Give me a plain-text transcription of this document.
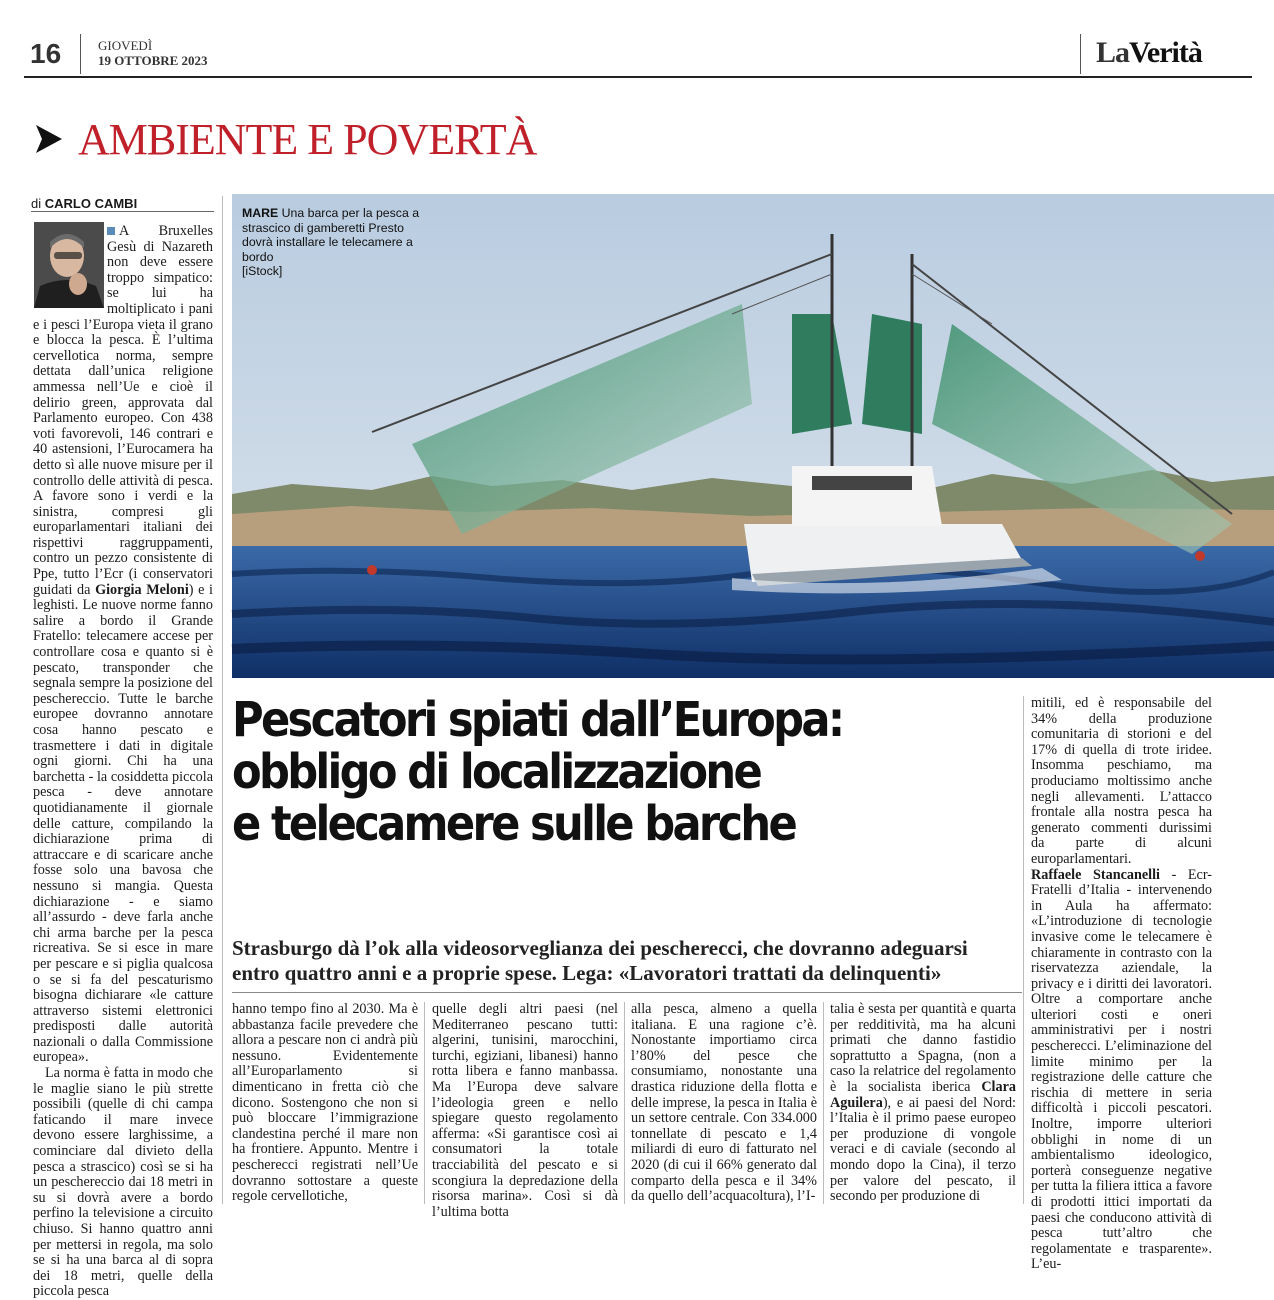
16	GIOVEDÌ
19 OTTOBRE 2023	LaVerità
AMBIENTE E POVERTÀ
di CARLO CAMBI

A Bruxelles Gesù di Nazareth non deve essere troppo simpatico: se lui ha moltiplicato i pani e i pesci l’Europa vieta il grano e blocca la pesca. È l’ultima cervellotica norma, sempre dettata dall’unica religione ammessa nell’Ue e cioè il delirio green, approvata dal Parlamento europeo. Con 438 voti favorevoli, 146 contrari e 40 astensioni, l’Eurocamera ha detto sì alle nuove misure per il controllo delle attività di pesca. A favore sono i verdi e la sinistra, compresi gli europarlamentari italiani dei rispettivi raggruppamenti, contro un pezzo consistente di Ppe, tutto l’Ecr (i conservatori guidati da Giorgia Meloni) e i leghisti. Le nuove norme fanno salire a bordo il Grande Fratello: telecamere accese per controllare cosa e quanto si è pescato, transponder che segnala sempre la posizione del peschereccio. Tutte le barche europee dovranno annotare cosa hanno pescato e trasmettere i dati in digitale ogni giorni. Chi ha una barchetta - la cosiddetta piccola pesca - deve annotare quotidianamente il giornale delle catture, compilando la dichiarazione prima di attraccare e di scaricare anche fosse solo una bavosa che nessuno si mangia. Questa dichiarazione - e siamo all’assurdo - deve farla anche chi arma barche per la pesca ricreativa. Se si esce in mare per pescare e si piglia qualcosa o se si fa del pescaturismo bisogna dichiarare «le catture attraverso sistemi elettronici predisposti dalle autorità nazionali o dalla Commissione europea».

La norma è fatta in modo che le maglie siano le più strette possibili (quelle di chi campa faticando il mare invece devono essere larghissime, a cominciare dal divieto della pesca a strascico) così se si ha un peschereccio dai 18 metri in su si dovrà avere a bordo perfino la televisione a circuito chiuso. Si hanno quattro anni per mettersi in regola, ma solo se si ha una barca al di sopra dei 18 metri, quelle della piccola pesca

MARE Una barca per la pesca a strascico di gamberetti Presto dovrà installare le telecamere a bordo
[iStock]
Pescatori spiati dall’Europa:
obbligo di localizzazione
e telecamere sulle barche
Strasburgo dà l’ok alla videosorveglianza dei pescherecci, che dovranno adeguarsi entro quattro anni e a proprie spese. Lega: «Lavoratori trattati da delinquenti»

hanno tempo fino al 2030. Ma è abbastanza facile prevedere che allora a pescare non ci andrà più nessuno. Evidentemente all’Europarlamento si dimenticano in fretta ciò che dicono. Sostengono che non si può bloccare l’immigrazione clandestina perché il mare non ha frontiere. Appunto. Mentre i pescherecci registrati nell’Ue dovranno sottostare a queste regole cervellotiche,

quelle degli altri paesi (nel Mediterraneo pescano tutti: algerini, tunisini, marocchini, turchi, egiziani, libanesi) hanno rotta libera e fanno manbassa. Ma l’Europa deve salvare l’ideologia green e nello spiegare questo regolamento afferma: «Si garantisce così ai consumatori la totale tracciabilità del pescato e si scongiura la depredazione della risorsa marina». Così si dà l’ultima botta

alla pesca, almeno a quella italiana. E una ragione c’è. Nonostante importiamo circa l’80% del pesce che consumiamo, nonostante una drastica riduzione della flotta e delle imprese, la pesca in Italia è un settore centrale. Con 334.000 tonnellate di pescato e 1,4 miliardi di euro di fatturato nel 2020 (di cui il 66% generato dal comparto della pesca e il 34% da quello dell’acquacoltura), l’I-

talia è sesta per quantità e quarta per redditività, ma ha alcuni primati che danno fastidio soprattutto a Spagna, (non a caso la relatrice del regolamento è la socialista iberica Clara Aguilera), e ai paesi del Nord: l’Italia è il primo paese europeo per produzione di vongole veraci e di caviale (secondo al mondo dopo la Cina), il terzo per valore del pescato, il secondo per produzione di

mitili, ed è responsabile del 34% della produzione comunitaria di storioni e del 17% di quella di trote iridee. Insomma peschiamo, ma produciamo moltissimo anche negli allevamenti. L’attacco frontale alla nostra pesca ha generato commenti durissimi da parte di alcuni europarlamentari.

Raffaele Stancanelli - Ecr-Fratelli d’Italia - intervenendo in Aula ha affermato: «L’introduzione di tecnologie invasive come le telecamere è chiaramente in contrasto con la riservatezza aziendale, la privacy e i diritti dei lavoratori. Oltre a comportare anche ulteriori costi e oneri amministrativi per i nostri pescherecci. L’eliminazione del limite minimo per la registrazione delle catture che rischia di mettere in seria difficoltà i piccoli pescatori. Inoltre, imporre ulteriori obblighi in nome di un ambientalismo ideologico, porterà conseguenze negative per tutta la filiera ittica a favore di prodotti ittici importati da paesi che conducono attività di pesca tutt’altro che regolamentate e trasparente». L’eu-
